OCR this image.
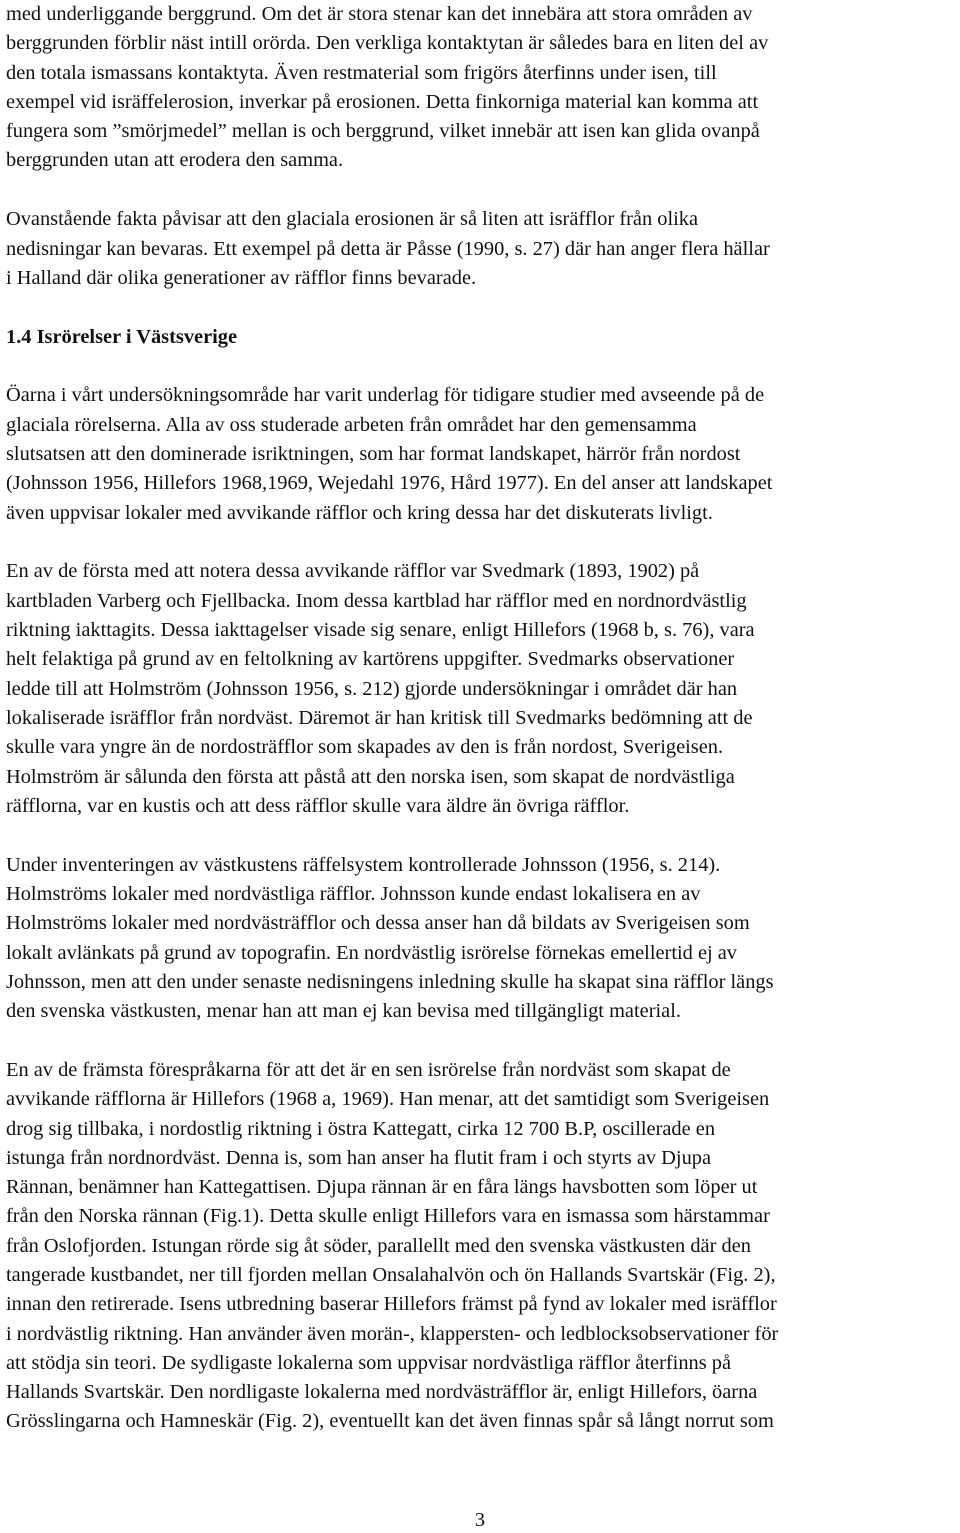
med underliggande berggrund. Om det är stora stenar kan det innebära att stora områden av
berggrunden förblir näst intill orörda. Den verkliga kontaktytan är således bara en liten del av
den totala ismassans kontaktyta. Även restmaterial som frigörs återfinns under isen, till
exempel vid isräffelerosion, inverkar på erosionen. Detta finkorniga material kan komma att
fungera som ”smörjmedel” mellan is och berggrund, vilket innebär att isen kan glida ovanpå
berggrunden utan att erodera den samma.
Ovanstående fakta påvisar att den glaciala erosionen är så liten att isräfflor från olika
nedisningar kan bevaras. Ett exempel på detta är Påsse (1990, s. 27) där han anger flera hällar
i Halland där olika generationer av räfflor finns bevarade.
1.4 Isrörelser i Västsverige
Öarna i vårt undersökningsområde har varit underlag för tidigare studier med avseende på de
glaciala rörelserna. Alla av oss studerade arbeten från området har den gemensamma
slutsatsen att den dominerade isriktningen, som har format landskapet, härrör från nordost
(Johnsson 1956, Hillefors 1968,1969, Wejedahl 1976, Hård 1977). En del anser att landskapet
även uppvisar lokaler med avvikande räfflor och kring dessa har det diskuterats livligt.
En av de första med att notera dessa avvikande räfflor var Svedmark (1893, 1902) på
kartbladen Varberg och Fjellbacka. Inom dessa kartblad har räfflor med en nordnordvästlig
riktning iakttagits. Dessa iakttagelser visade sig senare, enligt Hillefors (1968 b, s. 76), vara
helt felaktiga på grund av en feltolkning av kartörens uppgifter. Svedmarks observationer
ledde till att Holmström (Johnsson 1956, s. 212) gjorde undersökningar i området där han
lokaliserade isräfflor från nordväst. Däremot är han kritisk till Svedmarks bedömning att de
skulle vara yngre än de nordosträfflor som skapades av den is från nordost, Sverigeisen.
Holmström är sålunda den första att påstå att den norska isen, som skapat de nordvästliga
räfflorna, var en kustis och att dess räfflor skulle vara äldre än övriga räfflor.
Under inventeringen av västkustens räffelsystem kontrollerade Johnsson (1956, s. 214).
Holmströms lokaler med nordvästliga räfflor. Johnsson kunde endast lokalisera en av
Holmströms lokaler med nordvästräfflor och dessa anser han då bildats av Sverigeisen som
lokalt avlänkats på grund av topografin. En nordvästlig isrörelse förnekas emellertid ej av
Johnsson, men att den under senaste nedisningens inledning skulle ha skapat sina räfflor längs
den svenska västkusten, menar han att man ej kan bevisa med tillgängligt material.
En av de främsta förespråkarna för att det är en sen isrörelse från nordväst som skapat de
avvikande räfflorna är Hillefors (1968 a, 1969). Han menar, att det samtidigt som Sverigeisen
drog sig tillbaka, i nordostlig riktning i östra Kattegatt, cirka 12 700 B.P, oscillerade en
istunga från nordnordväst. Denna is, som han anser ha flutit fram i och styrts av Djupa
Rännan, benämner han Kattegattisen. Djupa rännan är en fåra längs havsbotten som löper ut
från den Norska rännan (Fig.1). Detta skulle enligt Hillefors vara en ismassa som härstammar
från Oslofjorden. Istungan rörde sig åt söder, parallellt med den svenska västkusten där den
tangerade kustbandet, ner till fjorden mellan Onsalahalvön och ön Hallands Svartskär (Fig. 2),
innan den retirerade. Isens utbredning baserar Hillefors främst på fynd av lokaler med isräfflor
i nordvästlig riktning. Han använder även morän-, klappersten- och ledblocksobservationer för
att stödja sin teori. De sydligaste lokalerna som uppvisar nordvästliga räfflor återfinns på
Hallands Svartskär. Den nordligaste lokalerna med nordvästräfflor är, enligt Hillefors, öarna
Grösslingarna och Hamneskär (Fig. 2), eventuellt kan det även finnas spår så långt norrut som
3
